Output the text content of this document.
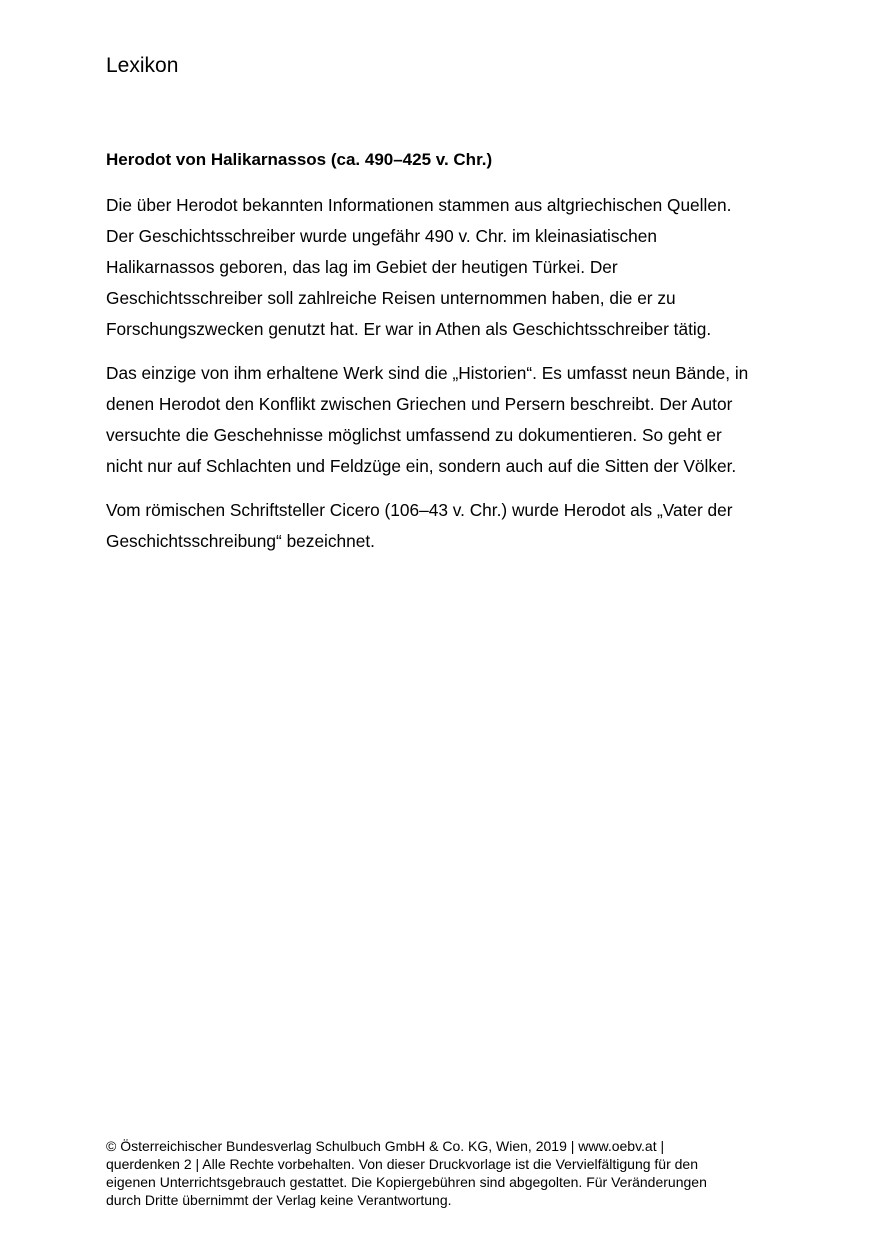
Lexikon
Herodot von Halikarnassos (ca. 490–425 v. Chr.)

Die über Herodot bekannten Informationen stammen aus altgriechischen Quellen.
Der Geschichtsschreiber wurde ungefähr 490 v. Chr. im kleinasiatischen
Halikarnassos geboren, das lag im Gebiet der heutigen Türkei. Der
Geschichtsschreiber soll zahlreiche Reisen unternommen haben, die er zu
Forschungszwecken genutzt hat. Er war in Athen als Geschichtsschreiber tätig.

Das einzige von ihm erhaltene Werk sind die „Historien“. Es umfasst neun Bände, in
denen Herodot den Konflikt zwischen Griechen und Persern beschreibt. Der Autor
versuchte die Geschehnisse möglichst umfassend zu dokumentieren. So geht er
nicht nur auf Schlachten und Feldzüge ein, sondern auch auf die Sitten der Völker.

Vom römischen Schriftsteller Cicero (106–43 v. Chr.) wurde Herodot als „Vater der
Geschichtsschreibung“ bezeichnet.

© Österreichischer Bundesverlag Schulbuch GmbH & Co. KG, Wien, 2019 | www.oebv.at |
querdenken 2 | Alle Rechte vorbehalten. Von dieser Druckvorlage ist die Vervielfältigung für den
eigenen Unterrichtsgebrauch gestattet. Die Kopiergebühren sind abgegolten. Für Veränderungen
durch Dritte übernimmt der Verlag keine Verantwortung.
